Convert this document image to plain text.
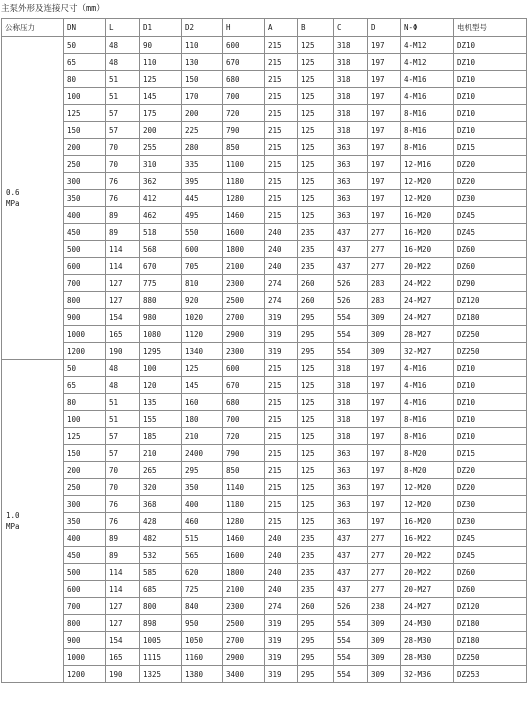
主泵外形及连接尺寸（mm）
公称压力	DN	L	D1	D2	H	A	B	C	D	N-Φ	电机型号

0.6
MPa	50	48	90	110	600	215	125	318	197	4-M12	DZ10
	65	48	110	130	670	215	125	318	197	4-M12	DZ10
	80	51	125	150	680	215	125	318	197	4-M16	DZ10
	100	51	145	170	700	215	125	318	197	4-M16	DZ10
	125	57	175	200	720	215	125	318	197	8-M16	DZ10
	150	57	200	225	790	215	125	318	197	8-M16	DZ10
	200	70	255	280	850	215	125	363	197	8-M16	DZ15
	250	70	310	335	1100	215	125	363	197	12-M16	DZ20
	300	76	362	395	1180	215	125	363	197	12-M20	DZ20
	350	76	412	445	1280	215	125	363	197	12-M20	DZ30
	400	89	462	495	1460	215	125	363	197	16-M20	DZ45
	450	89	518	550	1600	240	235	437	277	16-M20	DZ45
	500	114	568	600	1800	240	235	437	277	16-M20	DZ60
	600	114	670	705	2100	240	235	437	277	20-M22	DZ60
	700	127	775	810	2300	274	260	526	283	24-M22	DZ90
	800	127	880	920	2500	274	260	526	283	24-M27	DZ120
	900	154	980	1020	2700	319	295	554	309	24-M27	DZ180
	1000	165	1080	1120	2900	319	295	554	309	28-M27	DZ250
	1200	190	1295	1340	2300	319	295	554	309	32-M27	DZ250

1.0
MPa	50	48	100	125	600	215	125	318	197	4-M16	DZ10
	65	48	120	145	670	215	125	318	197	4-M16	DZ10
	80	51	135	160	680	215	125	318	197	4-M16	DZ10
	100	51	155	180	700	215	125	318	197	8-M16	DZ10
	125	57	185	210	720	215	125	318	197	8-M16	DZ10
	150	57	210	2400	790	215	125	363	197	8-M20	DZ15
	200	70	265	295	850	215	125	363	197	8-M20	DZ20
	250	70	320	350	1140	215	125	363	197	12-M20	DZ20
	300	76	368	400	1180	215	125	363	197	12-M20	DZ30
	350	76	428	460	1280	215	125	363	197	16-M20	DZ30
	400	89	482	515	1460	240	235	437	277	16-M22	DZ45
	450	89	532	565	1600	240	235	437	277	20-M22	DZ45
	500	114	585	620	1800	240	235	437	277	20-M22	DZ60
	600	114	685	725	2100	240	235	437	277	20-M27	DZ60
	700	127	800	840	2300	274	260	526	238	24-M27	DZ120
	800	127	898	950	2500	319	295	554	309	24-M30	DZ180
	900	154	1005	1050	2700	319	295	554	309	28-M30	DZ180
	1000	165	1115	1160	2900	319	295	554	309	28-M30	DZ250
	1200	190	1325	1380	3400	319	295	554	309	32-M36	DZ253
